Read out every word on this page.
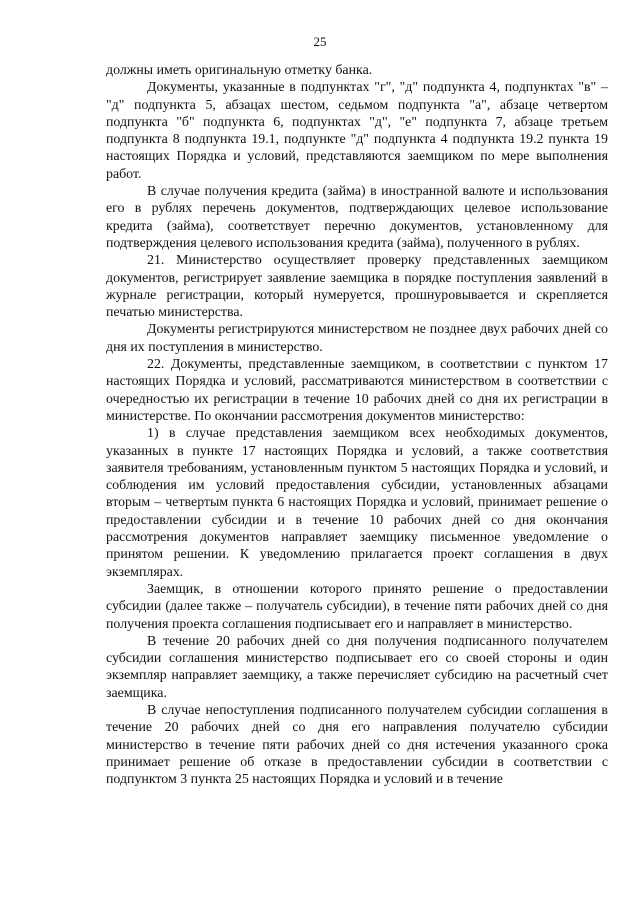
25

должны иметь оригинальную отметку банка.

Документы, указанные в подпунктах "г", "д" подпункта 4, подпунктах "в" – "д" подпункта 5, абзацах шестом, седьмом подпункта "а", абзаце четвертом подпункта "б" подпункта 6, подпунктах "д", "е" подпункта 7, абзаце третьем подпункта 8 подпункта 19.1, подпункте "д" подпункта 4 подпункта 19.2 пункта 19 настоящих Порядка и условий, представляются заемщиком по мере выполнения работ.

В случае получения кредита (займа) в иностранной валюте и использования его в рублях перечень документов, подтверждающих целевое использование кредита (займа), соответствует перечню документов, установленному для подтверждения целевого использования кредита (займа), полученного в рублях.

21. Министерство осуществляет проверку представленных заемщиком документов, регистрирует заявление заемщика в порядке поступления заявлений в журнале регистрации, который нумеруется, прошнуровывается и скрепляется печатью министерства.

Документы регистрируются министерством не позднее двух рабочих дней со дня их поступления в министерство.

22. Документы, представленные заемщиком, в соответствии с пунктом 17 настоящих Порядка и условий, рассматриваются министерством в соответствии с очередностью их регистрации в течение 10 рабочих дней со дня их регистрации в министерстве. По окончании рассмотрения документов министерство:

1) в случае представления заемщиком всех необходимых документов, указанных в пункте 17 настоящих Порядка и условий, а также соответствия заявителя требованиям, установленным пунктом 5 настоящих Порядка и условий, и соблюдения им условий предоставления субсидии, установленных абзацами вторым – четвертым пункта 6 настоящих Порядка и условий, принимает решение о предоставлении субсидии и в течение 10 рабочих дней со дня окончания рассмотрения документов направляет заемщику письменное уведомление о принятом решении. К уведомлению прилагается проект соглашения в двух экземплярах.

Заемщик, в отношении которого принято решение о предоставлении субсидии (далее также – получатель субсидии), в течение пяти рабочих дней со дня получения проекта соглашения подписывает его и направляет в министерство.

В течение 20 рабочих дней со дня получения подписанного получателем субсидии соглашения министерство подписывает его со своей стороны и один экземпляр направляет заемщику, а также перечисляет субсидию на расчетный счет заемщика.

В случае непоступления подписанного получателем субсидии соглашения в течение 20 рабочих дней со дня его направления получателю субсидии министерство в течение пяти рабочих дней со дня истечения указанного срока принимает решение об отказе в предоставлении субсидии в соответствии с подпунктом 3 пункта 25 настоящих Порядка и условий и в течение
